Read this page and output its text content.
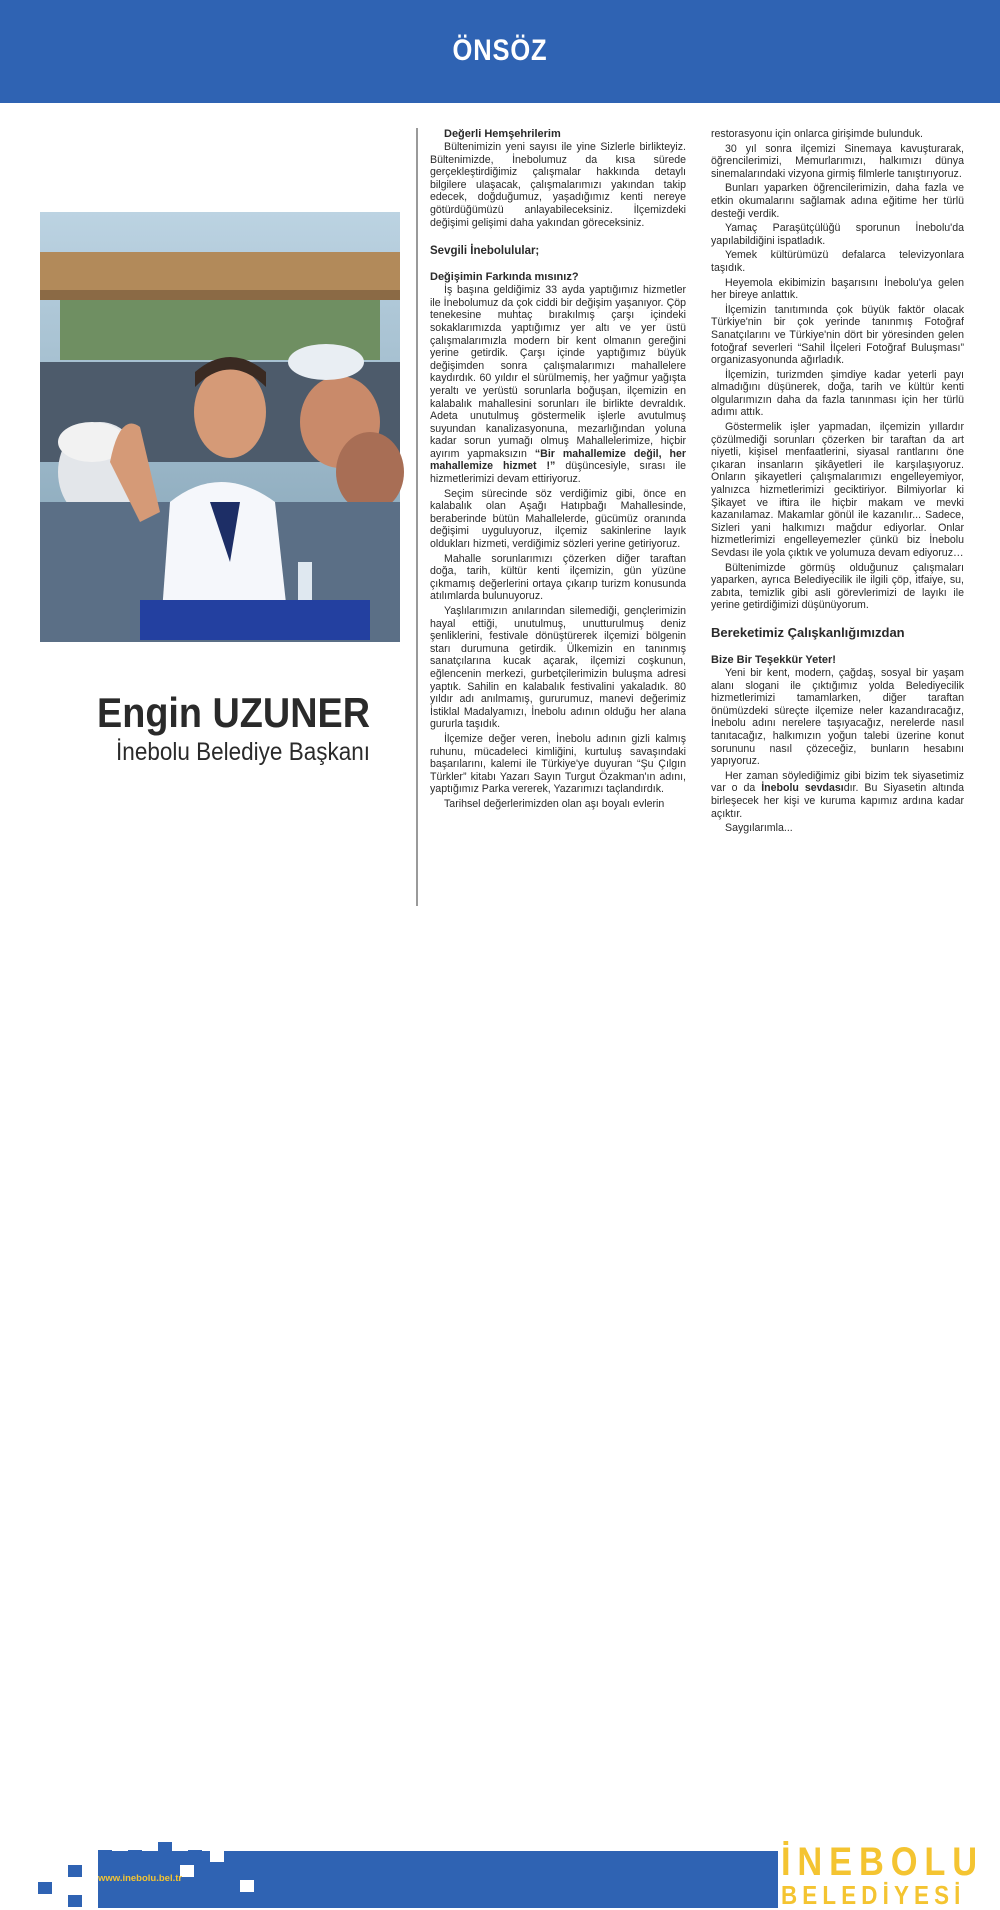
ÖNSÖZ
Engin UZUNER
İnebolu Belediye Başkanı
Değerli Hemşehrilerim

Bültenimizin yeni sayısı ile yine Sizlerle birlikteyiz. Bültenimizde, İnebolumuz da kısa sürede gerçekleştirdiğimiz çalışmalar hakkında detaylı bilgilere ulaşacak, çalışmalarımızı yakından takip edecek, doğduğumuz, yaşadığımız kenti nereye götürdüğümüzü anlayabileceksiniz. İlçemizdeki değişimi gelişimi daha yakından göreceksiniz.

Sevgili İnebolulular;
Değişimin Farkında mısınız?

İş başına geldiğimiz 33 ayda yaptığımız hizmetler ile İnebolumuz da çok ciddi bir değişim yaşanıyor. Çöp tenekesine muhtaç bırakılmış çarşı içindeki sokaklarımızda yaptığımız yer altı ve yer üstü çalışmalarımızla modern bir kent olmanın gereğini yerine getirdik. Çarşı içinde yaptığımız büyük değişimden sonra çalışmalarımızı mahallelere kaydırdık. 60 yıldır el sürülmemiş, her yağmur yağışta yeraltı ve yerüstü sorunlarla boğuşan, ilçemizin en kalabalık mahallesini sorunları ile birlikte devraldık. Adeta unutulmuş göstermelik işlerle avutulmuş suyundan kanalizasyonuna, mezarlığından yoluna kadar sorun yumağı olmuş Mahallelerimize, hiçbir ayırım yapmaksızın “Bir mahallemize değil, her mahallemize hizmet !” düşüncesiyle, sırası ile hizmetlerimizi devam ettiriyoruz.

Seçim sürecinde söz verdiğimiz gibi, önce en kalabalık olan Aşağı Hatıpbağı Mahallesinde, beraberinde bütün Mahallelerde, gücümüz oranında değişimi uyguluyoruz, ilçemiz sakinlerine layık oldukları hizmeti, verdiğimiz sözleri yerine getiriyoruz.

Mahalle sorunlarımızı çözerken diğer taraftan doğa, tarih, kültür kenti ilçemizin, gün yüzüne çıkmamış değerlerini ortaya çıkarıp turizm konusunda atılımlarda bulunuyoruz.

Yaşlılarımızın anılarından silemediği, gençlerimizin hayal ettiği, unutulmuş, unutturulmuş deniz şenliklerini, festivale dönüştürerek ilçemizi bölgenin starı durumuna getirdik. Ülkemizin en tanınmış sanatçılarına kucak açarak, ilçemizi coşkunun, eğlencenin merkezi, gurbetçilerimizin buluşma adresi yaptık. Sahilin en kalabalık festivalini yakaladık. 80 yıldır adı anılmamış, gururumuz, manevi değerimiz İstiklal Madalyamızı, İnebolu adının olduğu her alana gururla taşıdık.

İlçemize değer veren, İnebolu adının gizli kalmış ruhunu, mücadeleci kimliğini, kurtuluş savaşındaki başarılarını, kalemi ile Türkiye'ye duyuran “Şu Çılgın Türkler” kitabı Yazarı Sayın Turgut Özakman'ın adını, yaptığımız Parka vererek, Yazarımızı taçlandırdık.

Tarihsel değerlerimizden olan aşı boyalı evlerin

restorasyonu için onlarca girişimde bulunduk.

30 yıl sonra ilçemizi Sinemaya kavuşturarak, öğrencilerimizi, Memurlarımızı, halkımızı dünya sinemalarındaki vizyona girmiş filmlerle tanıştırıyoruz.

Bunları yaparken öğrencilerimizin, daha fazla ve etkin okumalarını sağlamak adına eğitime her türlü desteği verdik.

Yamaç Paraşütçülüğü sporunun İnebolu'da yapılabildiğini ispatladık.

Yemek kültürümüzü defalarca televizyonlara taşıdık.

Heyemola ekibimizin başarısını İnebolu'ya gelen her bireye anlattık.

İlçemizin tanıtımında çok büyük faktör olacak Türkiye'nin bir çok yerinde tanınmış Fotoğraf Sanatçılarını ve Türkiye'nin dört bir yöresinden gelen fotoğraf severleri “Sahil İlçeleri Fotoğraf Buluşması” organizasyonunda ağırladık.

İlçemizin, turizmden şimdiye kadar yeterli payı almadığını düşünerek, doğa, tarih ve kültür kenti olgularımızın daha da fazla tanınması için her türlü adımı attık.

Göstermelik işler yapmadan, ilçemizin yıllardır çözülmediği sorunları çözerken bir taraftan da art niyetli, kişisel menfaatlerini, siyasal rantlarını öne çıkaran insanların şikâyetleri ile karşılaşıyoruz. Onların şikayetleri çalışmalarımızı engelleyemiyor, yalnızca hizmetlerimizi geciktiriyor. Bilmiyorlar ki Şikayet ve iftira ile hiçbir makam ve mevki kazanılamaz. Makamlar gönül ile kazanılır... Sadece, Sizleri yani halkımızı mağdur ediyorlar. Onlar hizmetlerimizi engelleyemezler çünkü biz İnebolu Sevdası ile yola çıktık ve yolumuza devam ediyoruz…

Bültenimizde görmüş olduğunuz çalışmaları yaparken, ayrıca Belediyecilik ile ilgili çöp, itfaiye, su, zabıta, temizlik gibi asli görevlerimizi de layıkı ile yerine getirdiğimizi düşünüyorum.

Bereketimiz Çalışkanlığımızdan
Bize Bir Teşekkür Yeter!

Yeni bir kent, modern, çağdaş, sosyal bir yaşam alanı slogani ile çıktığımız yolda Belediyecilik hizmetlerimizi tamamlarken, diğer taraftan önümüzdeki süreçte ilçemize neler kazandıracağız, İnebolu adını nerelere taşıyacağız, nerelerde nasıl tanıtacağız, halkımızın yoğun talebi üzerine konut sorununu nasıl çözeceğiz, bunların hesabını yapıyoruz.

Her zaman söylediğimiz gibi bizim tek siyasetimiz var o da İnebolu sevdasıdır. Bu Siyasetin altında birleşecek her kişi ve kuruma kapımız ardına kadar açıktır.

Saygılarımla...

www.inebolu.bel.tr	İNEBOLU
BELEDİYESİ
